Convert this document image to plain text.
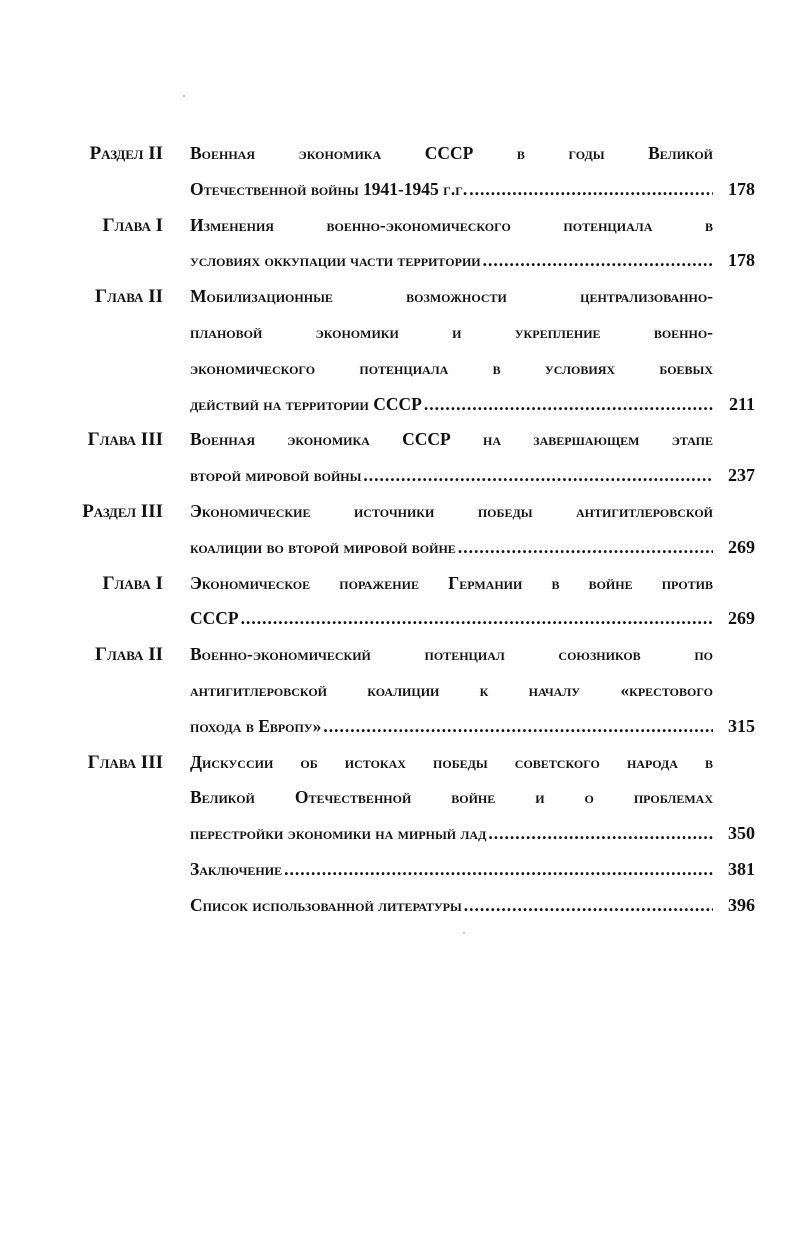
Раздел II Военная экономика СССР в годы Великой
Отечественной войны 1941-1945 г.г. .....	178
Глава I Изменения военно-экономического потенциала в
условиях оккупации части территории .....	178
Глава II Мобилизационные возможности централизованно-
плановой экономики и укрепление военно-
экономического потенциала в условиях боевых
действий на территории СССР .....	211
Глава III Военная экономика СССР на завершающем этапе
второй мировой войны .....	237
Раздел III Экономические источники победы антигитлеровской
коалиции во второй мировой войне .....	269
Глава I Экономическое поражение Германии в войне против
СССР .....	269
Глава II Военно-экономический потенциал союзников по
антигитлеровской коалиции к началу «крестового
похода в Европу» .....	315
Глава III Дискуссии об истоках победы советского народа в
Великой Отечественной войне и о проблемах
перестройки экономики на мирный лад .....	350
Заключение .....	381
Список использованной литературы .....	396
